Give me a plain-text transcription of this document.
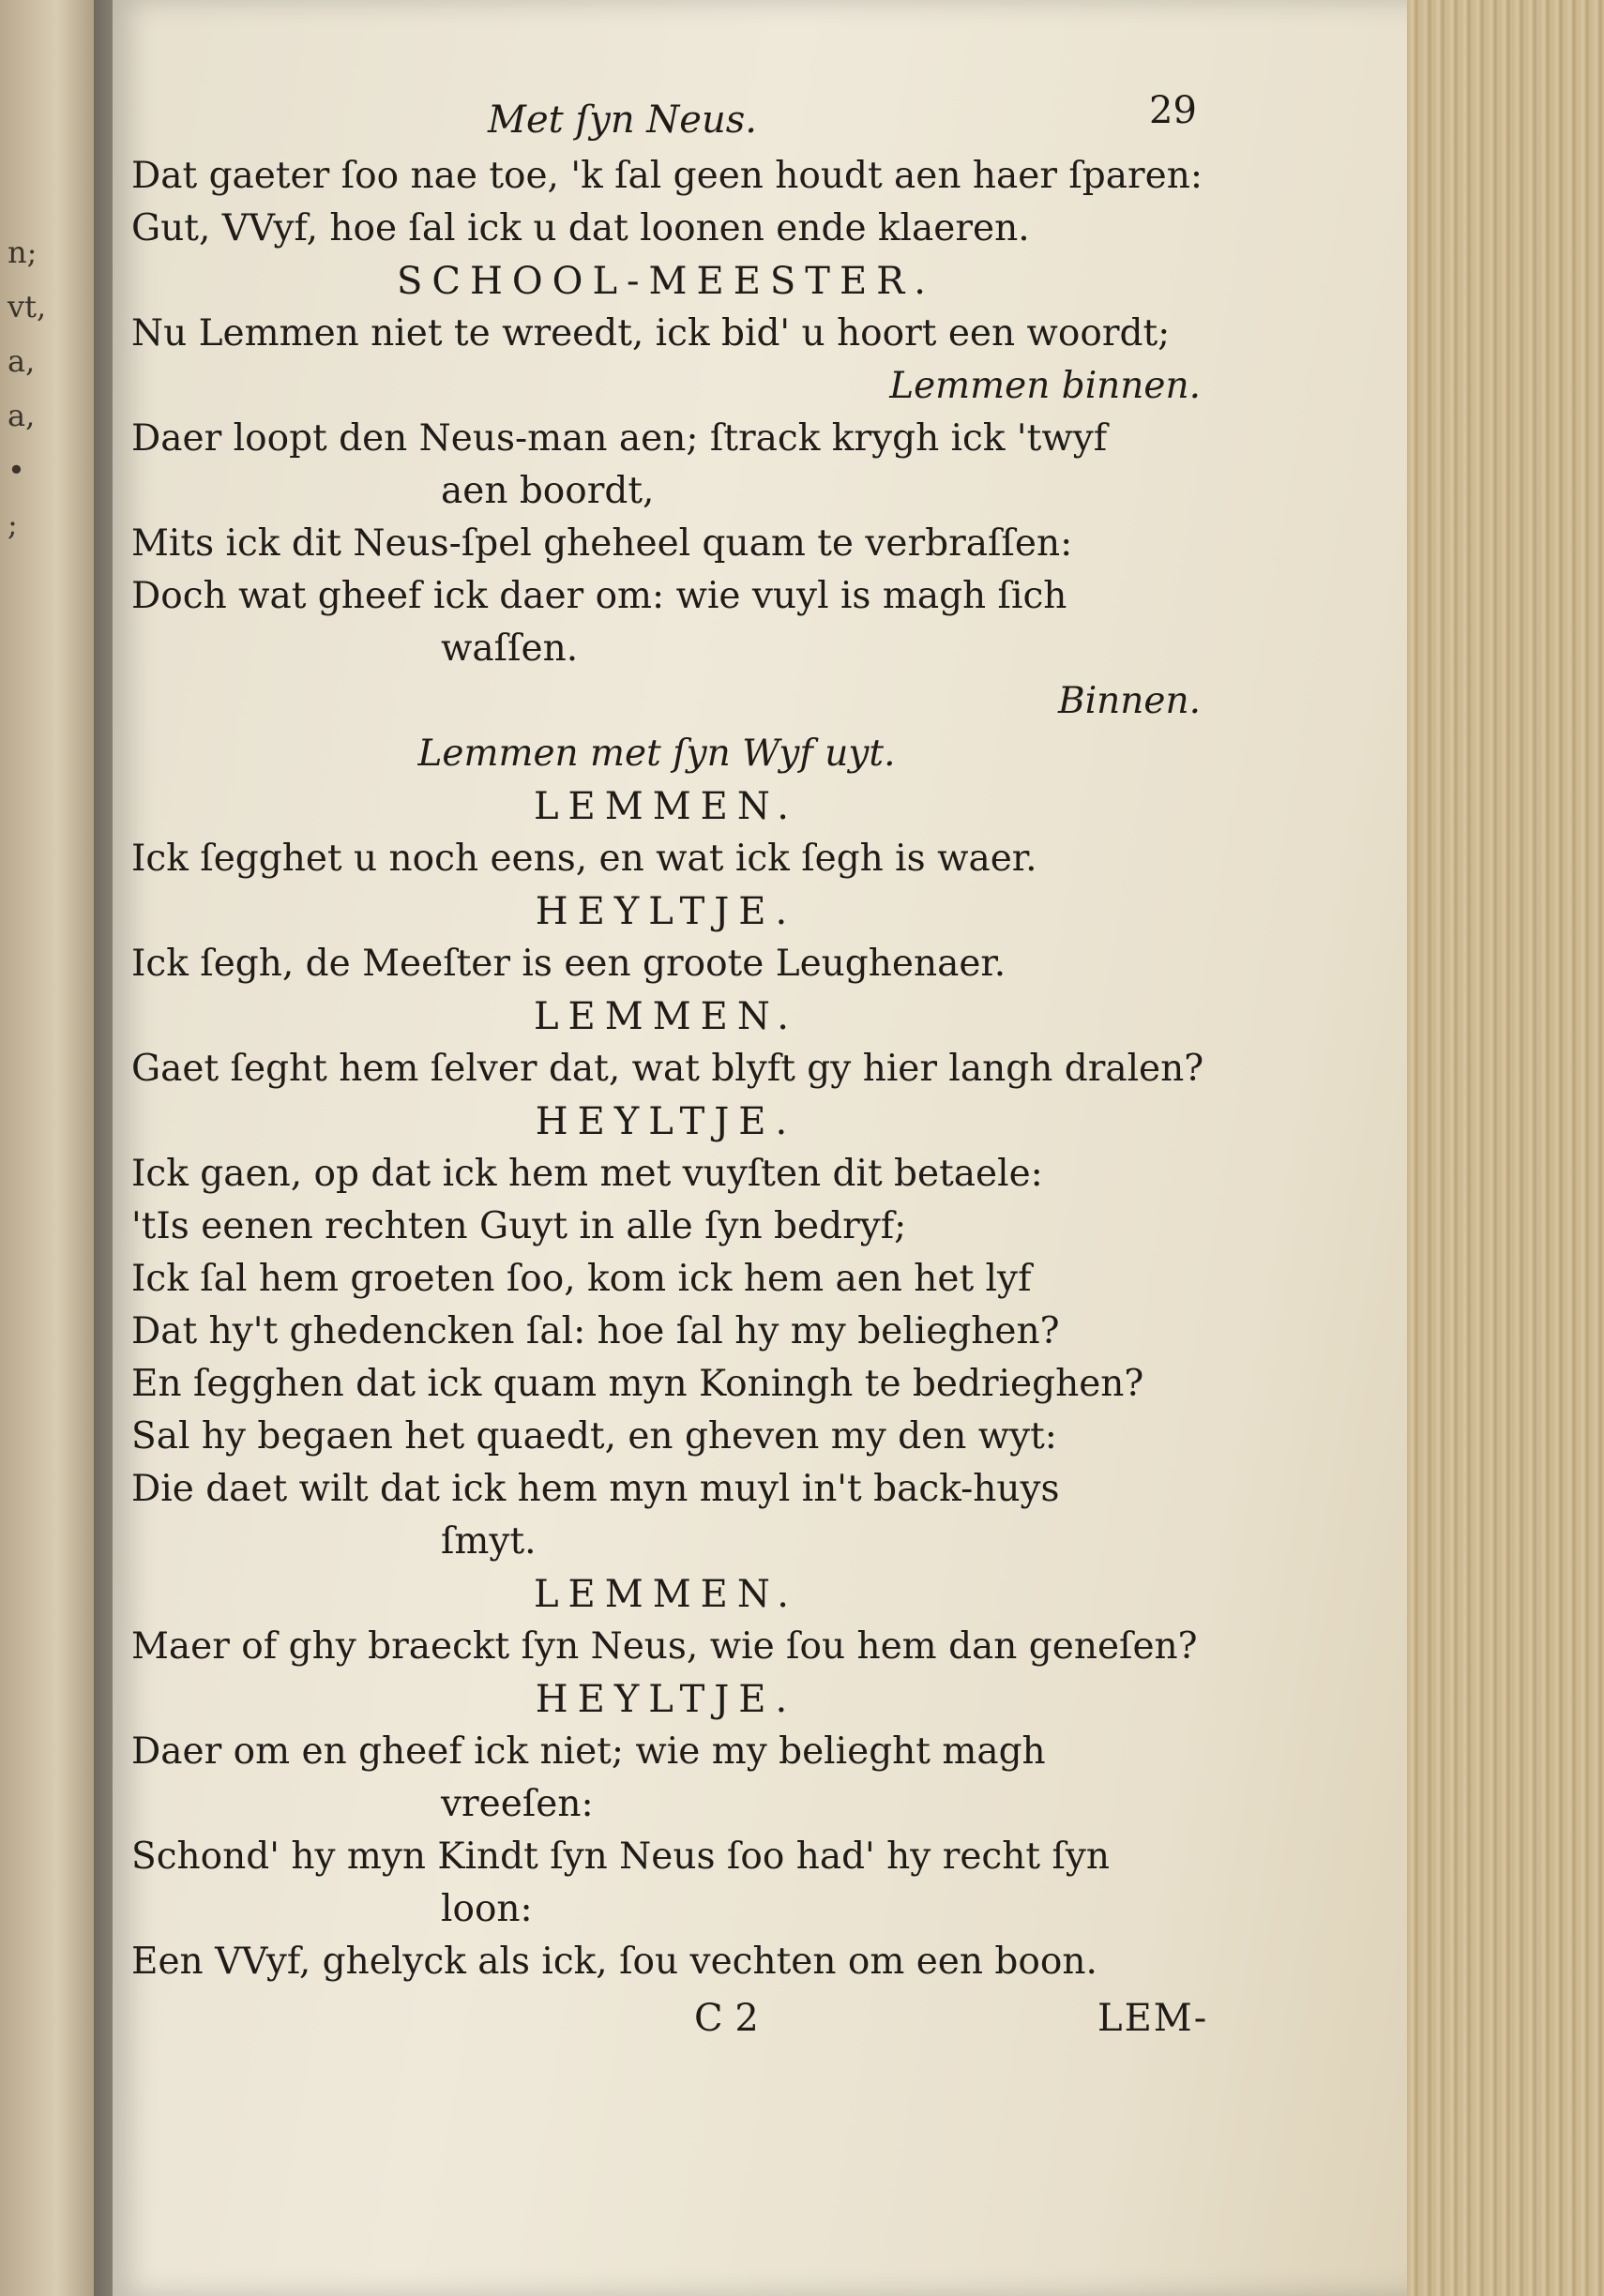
n;
vt,
a,
a,
•
;
Met ſyn Neus.	29
Dat gaeter ſoo nae toe, 'k ſal geen houdt aen haer ſparen:
Gut, VVyf, hoe ſal ick u dat loonen ende klaeren.
SCHOOL-MEESTER.
Nu Lemmen niet te wreedt, ick bid' u hoort een woordt;
Lemmen binnen.
Daer loopt den Neus-man aen; ſtrack krygh ick 'twyf
aen boordt,
Mits ick dit Neus-ſpel gheheel quam te verbraſſen:
Doch wat gheef ick daer om: wie vuyl is magh ſich
waſſen.
Binnen.
Lemmen met ſyn Wyf uyt.
LEMMEN.
Ick ſegghet u noch eens, en wat ick ſegh is waer.
HEYLTJE.
Ick ſegh, de Meeſter is een groote Leughenaer.
LEMMEN.
Gaet ſeght hem ſelver dat, wat blyft gy hier langh dralen?
HEYLTJE.
Ick gaen, op dat ick hem met vuyſten dit betaele:
'tIs eenen rechten Guyt in alle ſyn bedryf;
Ick ſal hem groeten ſoo, kom ick hem aen het lyf
Dat hy't ghedencken ſal: hoe ſal hy my belieghen?
En ſegghen dat ick quam myn Koningh te bedrieghen?
Sal hy begaen het quaedt, en gheven my den wyt:
Die daet wilt dat ick hem myn muyl in't back-huys
ſmyt.
LEMMEN.
Maer of ghy braeckt ſyn Neus, wie ſou hem dan geneſen?
HEYLTJE.
Daer om en gheef ick niet; wie my belieght magh
vreeſen:
Schond' hy myn Kindt ſyn Neus ſoo had' hy recht ſyn
loon:
Een VVyf, ghelyck als ick, ſou vechten om een boon.
C 2	LEM-
